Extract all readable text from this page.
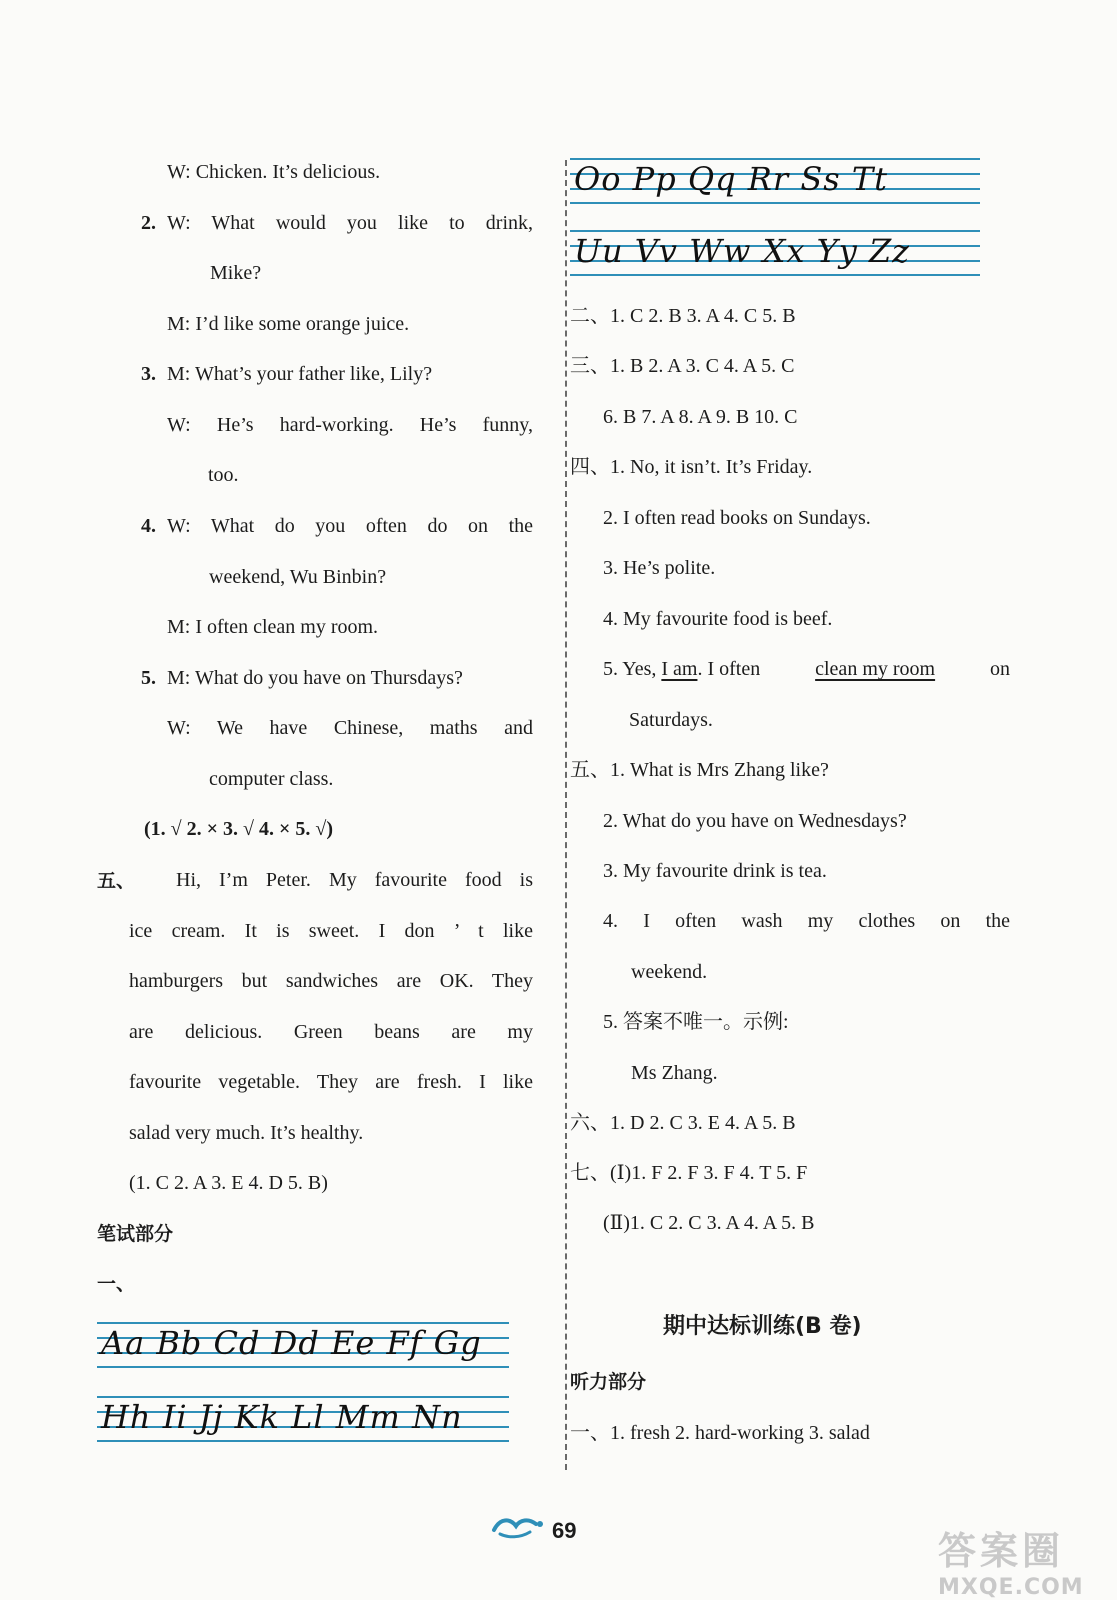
W: Chicken. It’s delicious.
2. W: What would you like to drink,
Mike?
M: I’d like some orange juice.
3. M: What’s your father like, Lily?
W: He’s hard-working. He’s funny,
too.
4. W: What do you often do on the
weekend, Wu Binbin?
M: I often clean my room.
5. M: What do you have on Thursdays?
W: We have Chinese, maths and
computer class.
(1. √ 2. × 3. √ 4. × 5. √)
五、 Hi, I’m Peter. My favourite food is
ice cream. It is sweet. I don ’ t like
hamburgers but sandwiches are OK. They
are delicious. Green beans are my
favourite vegetable. They are fresh. I like
salad very much. It’s healthy.
(1. C 2. A 3. E 4. D 5. B)
笔试部分
一、
Aa Bb Cd Dd Ee Ff Gg
Hh Ii Jj Kk Ll Mm Nn
Oo Pp Qq Rr Ss Tt
Uu Vv Ww Xx Yy Zz
二、1. C 2. B 3. A 4. C 5. B
三、1. B 2. A 3. C 4. A 5. C
6. B 7. A 8. A 9. B 10. C
四、1. No, it isn’t. It’s Friday.
2. I often read books on Sundays.
3. He’s polite.
4. My favourite food is beef.
5. Yes, I am. I often	clean my room	on
Saturdays.
五、1. What is Mrs Zhang like?
2. What do you have on Wednesdays?
3. My favourite drink is tea.
4. I often wash my clothes on the
weekend.
5. 答案不唯一。示例:
Ms Zhang.
六、1. D 2. C 3. E 4. A 5. B
七、(Ⅰ)1. F 2. F 3. F 4. T 5. F
(Ⅱ)1. C 2. C 3. A 4. A 5. B
期中达标训练(B 卷)
听力部分
一、1. fresh 2. hard-working 3. salad
69	答案圈
MXQE.COM
